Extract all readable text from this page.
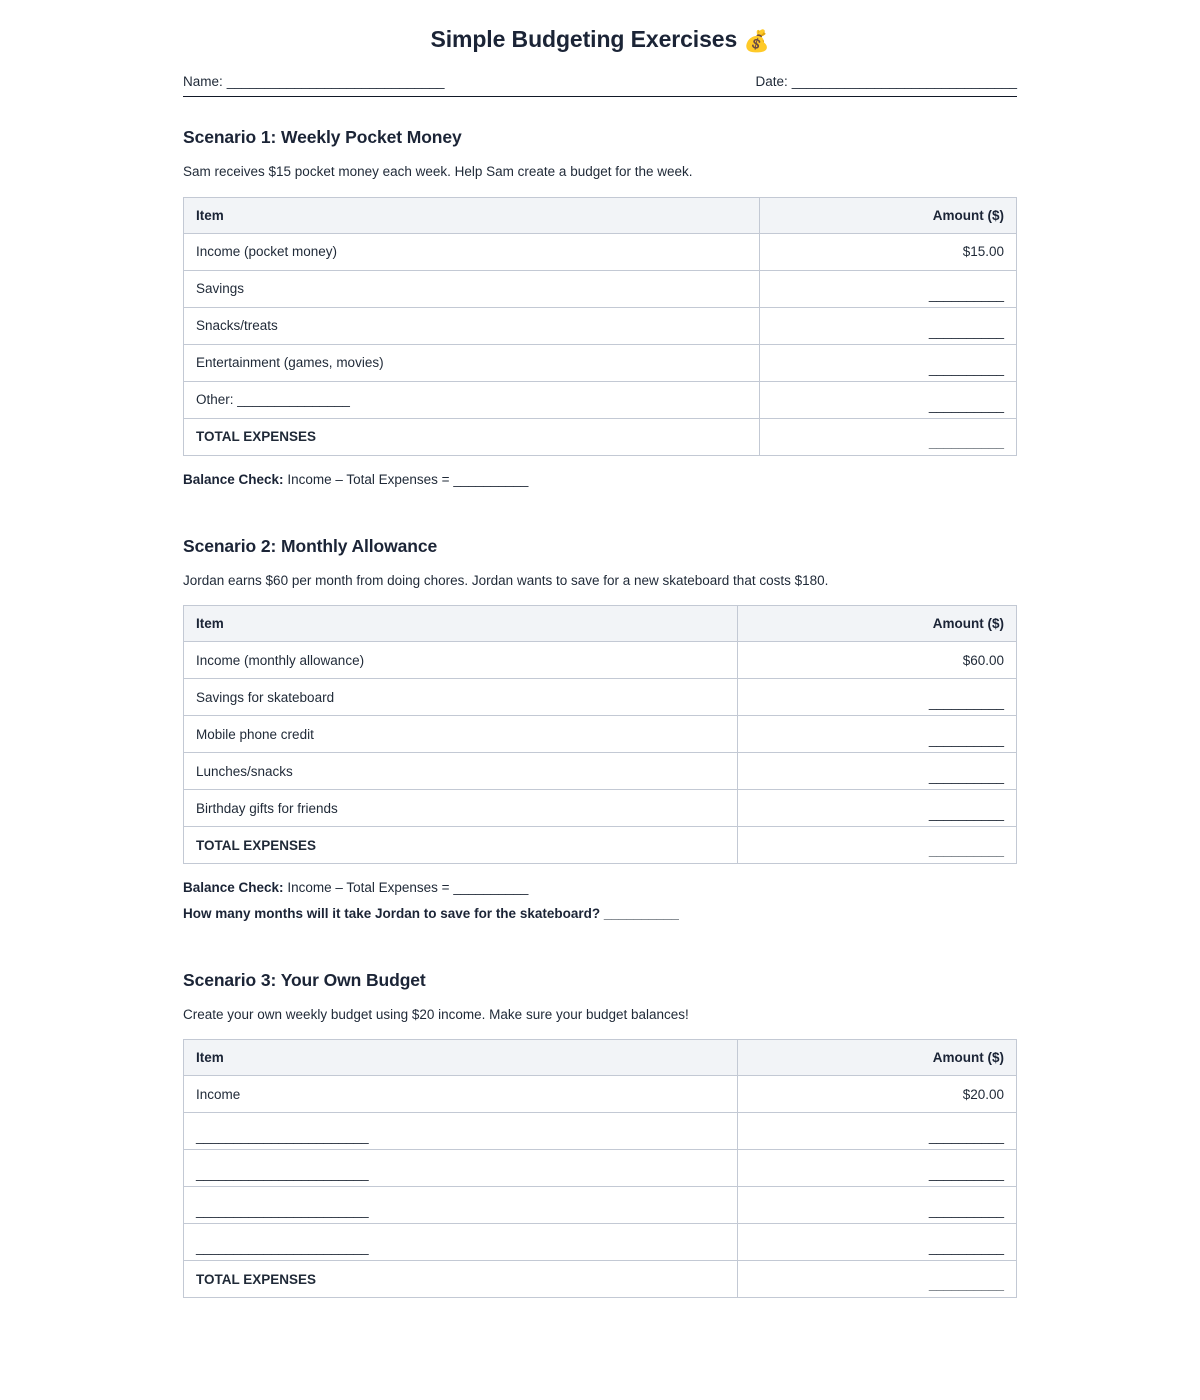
Simple Budgeting Exercises 💰
Name: _____________________________	Date: ______________________________
Scenario 1: Weekly Pocket Money

Sam receives $15 pocket money each week. Help Sam create a budget for the week.

Item	Amount ($)
Income (pocket money)	$15.00
Savings	__________
Snacks/treats	__________
Entertainment (games, movies)	__________
Other: _______________	__________
TOTAL EXPENSES	__________

Balance Check: Income – Total Expenses = __________

Scenario 2: Monthly Allowance

Jordan earns $60 per month from doing chores. Jordan wants to save for a new skateboard that costs $180.

Item	Amount ($)
Income (monthly allowance)	$60.00
Savings for skateboard	__________
Mobile phone credit	__________
Lunches/snacks	__________
Birthday gifts for friends	__________
TOTAL EXPENSES	__________

Balance Check: Income – Total Expenses = __________

How many months will it take Jordan to save for the skateboard? __________

Scenario 3: Your Own Budget

Create your own weekly budget using $20 income. Make sure your budget balances!

Item	Amount ($)
Income	$20.00
_______________________	__________
_______________________	__________
_______________________	__________
_______________________	__________
TOTAL EXPENSES	__________
